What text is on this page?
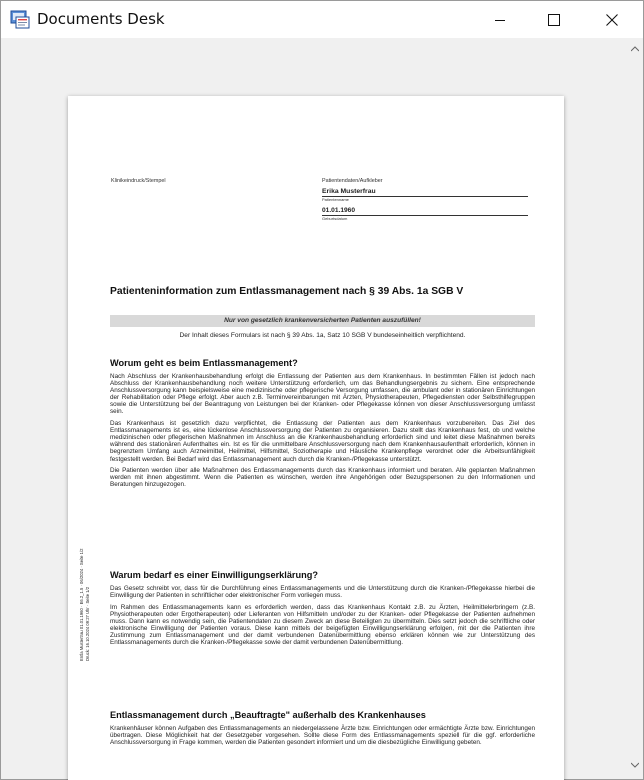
Documents Desk
Entla Mustertrau 01.01.1960 · E6.2_1.5 · 06/2024 · Seite 1/2 Druck: 16.10.2024 09:27 Uhr · Seite 1/2
Klinikeindruck/Stempel	Patientendaten/Aufkleber
Erika Musterfrau
Patientenname
01.01.1960
Geburtsdatum
Patienteninformation zum Entlassmanagement nach § 39 Abs. 1a SGB V
Nur von gesetzlich krankenversicherten Patienten auszufüllen!
Der Inhalt dieses Formulars ist nach § 39 Abs. 1a, Satz 10 SGB V bundeseinheitlich verpflichtend.
Worum geht es beim Entlassmanagement?

Nach Abschluss der Krankenhausbehandlung erfolgt die Entlassung der Patienten aus dem Krankenhaus. In bestimmten Fällen ist jedoch nach Abschluss der Krankenhausbehandlung noch weitere Unterstützung erforderlich, um das Behandlungsergebnis zu sichern. Eine entsprechende Anschlussversorgung kann beispielsweise eine medizinische oder pflegerische Versorgung umfassen, die ambulant oder in stationären Einrichtungen der Rehabilitation oder Pflege erfolgt. Aber auch z.B. Terminvereinbarungen mit Ärzten, Physiotherapeuten, Pflegediensten oder Selbsthilfegruppen sowie die Unterstützung bei der Beantragung von Leistungen bei der Kranken- oder Pflegekasse können von dieser Anschlussversorgung umfasst sein.

Das Krankenhaus ist gesetzlich dazu verpflichtet, die Entlassung der Patienten aus dem Krankenhaus vorzubereiten. Das Ziel des Entlassmanagements ist es, eine lückenlose Anschlussversorgung der Patienten zu organisieren. Dazu stellt das Krankenhaus fest, ob und welche medizinischen oder pflegerischen Maßnahmen im Anschluss an die Krankenhausbehandlung erforderlich sind und leitet diese Maßnahmen bereits während des stationären Aufenthaltes ein. Ist es für die unmittelbare Anschlussversorgung nach dem Krankenhausaufenthalt erforderlich, können in begrenztem Umfang auch Arzneimittel, Heilmittel, Hilfsmittel, Soziotherapie und Häusliche Krankenpflege verordnet oder die Arbeitsunfähigkeit festgestellt werden. Bei Bedarf wird das Entlassmanagement auch durch die Kranken-/Pflegekasse unterstützt.

Die Patienten werden über alle Maßnahmen des Entlassmanagements durch das Krankenhaus informiert und beraten. Alle geplanten Maßnahmen werden mit ihnen abgestimmt. Wenn die Patienten es wünschen, werden ihre Angehörigen oder Bezugspersonen zu den Informationen und Beratungen hinzugezogen.

Warum bedarf es einer Einwilligungserklärung?

Das Gesetz schreibt vor, dass für die Durchführung eines Entlassmanagements und die Unterstützung durch die Kranken-/Pflegekasse hierbei die Einwilligung der Patienten in schriftlicher oder elektronischer Form vorliegen muss.

Im Rahmen des Entlassmanagements kann es erforderlich werden, dass das Krankenhaus Kontakt z.B. zu Ärzten, Heilmittelerbringern (z.B. Physiotherapeuten oder Ergotherapeuten) oder Lieferanten von Hilfsmitteln und/oder zu der Kranken- oder Pflegekasse der Patienten aufnehmen muss. Dann kann es notwendig sein, die Patientendaten zu diesem Zweck an diese Beteiligten zu übermitteln. Dies setzt jedoch die schriftliche oder elektronische Einwilligung der Patienten voraus. Diese kann mittels der beigefügten Einwilligungserklärung erfolgen, mit der die Patienten ihre Zustimmung zum Entlassmanagement und der damit verbundenen Datenübermittlung ebenso erklären können wie zur Unterstützung des Entlassmanagements durch die Kranken-/Pflegekasse sowie der damit verbundenen Datenübermittlung.

Entlassmanagement durch „Beauftragte" außerhalb des Krankenhauses

Krankenhäuser können Aufgaben des Entlassmanagements an niedergelassene Ärzte bzw. Einrichtungen oder ermächtigte Ärzte bzw. Einrichtungen übertragen. Diese Möglichkeit hat der Gesetzgeber vorgesehen. Sollte diese Form des Entlassmanagements speziell für die ggf. erforderliche Anschlussversorgung in Frage kommen, werden die Patienten gesondert informiert und um die diesbezügliche Einwilligung gebeten.
